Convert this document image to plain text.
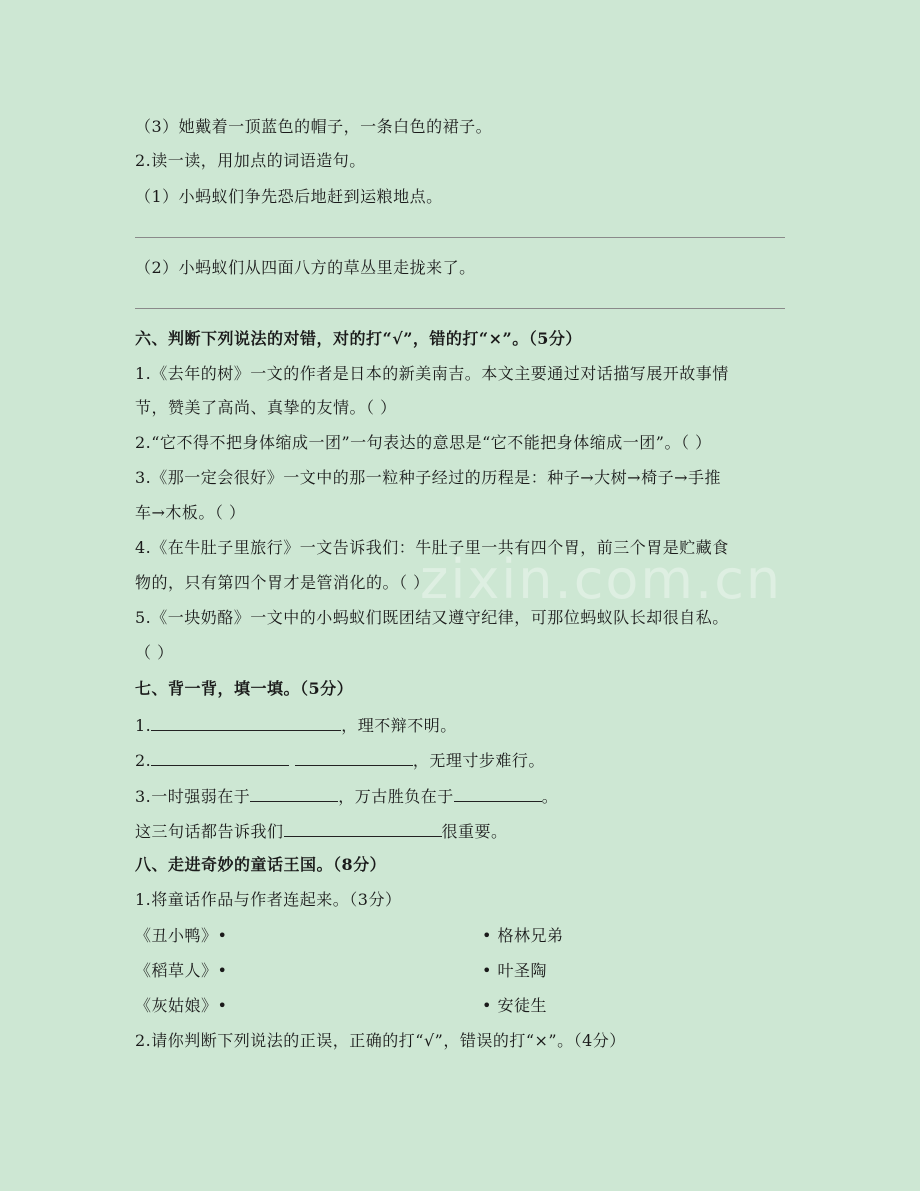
zixin.com.cn
（3）她戴着一顶蓝色的帽子，一条白色的裙子。
2.读一读，用加点的词语造句。
（1）小蚂蚁们争先恐后地赶到运粮地点。
（2）小蚂蚁们从四面八方的草丛里走拢来了。
六、判断下列说法的对错，对的打“√”，错的打“×”。（5分）
1.《去年的树》一文的作者是日本的新美南吉。本文主要通过对话描写展开故事情
节，赞美了高尚、真挚的友情。（ ）
2.“它不得不把身体缩成一团”一句表达的意思是“它不能把身体缩成一团”。（ ）
3.《那一定会很好》一文中的那一粒种子经过的历程是：种子→大树→椅子→手推
车→木板。（ ）
4.《在牛肚子里旅行》一文告诉我们：牛肚子里一共有四个胃，前三个胃是贮藏食
物的，只有第四个胃才是管消化的。（ ）
5.《一块奶酪》一文中的小蚂蚁们既团结又遵守纪律，可那位蚂蚁队长却很自私。
（ ）
七、背一背，填一填。（5分）
1.	，理不辩不明。
2.	，无理寸步难行。
3.一时强弱在于	，万古胜负在于	。
这三句话都告诉我们	很重要。
八、走进奇妙的童话王国。（8分）
1.将童话作品与作者连起来。（3分）
《丑小鸭》•	• 格林兄弟
《稻草人》•	• 叶圣陶
《灰姑娘》•	• 安徒生
2.请你判断下列说法的正误，正确的打“√”，错误的打“×”。（4分）
